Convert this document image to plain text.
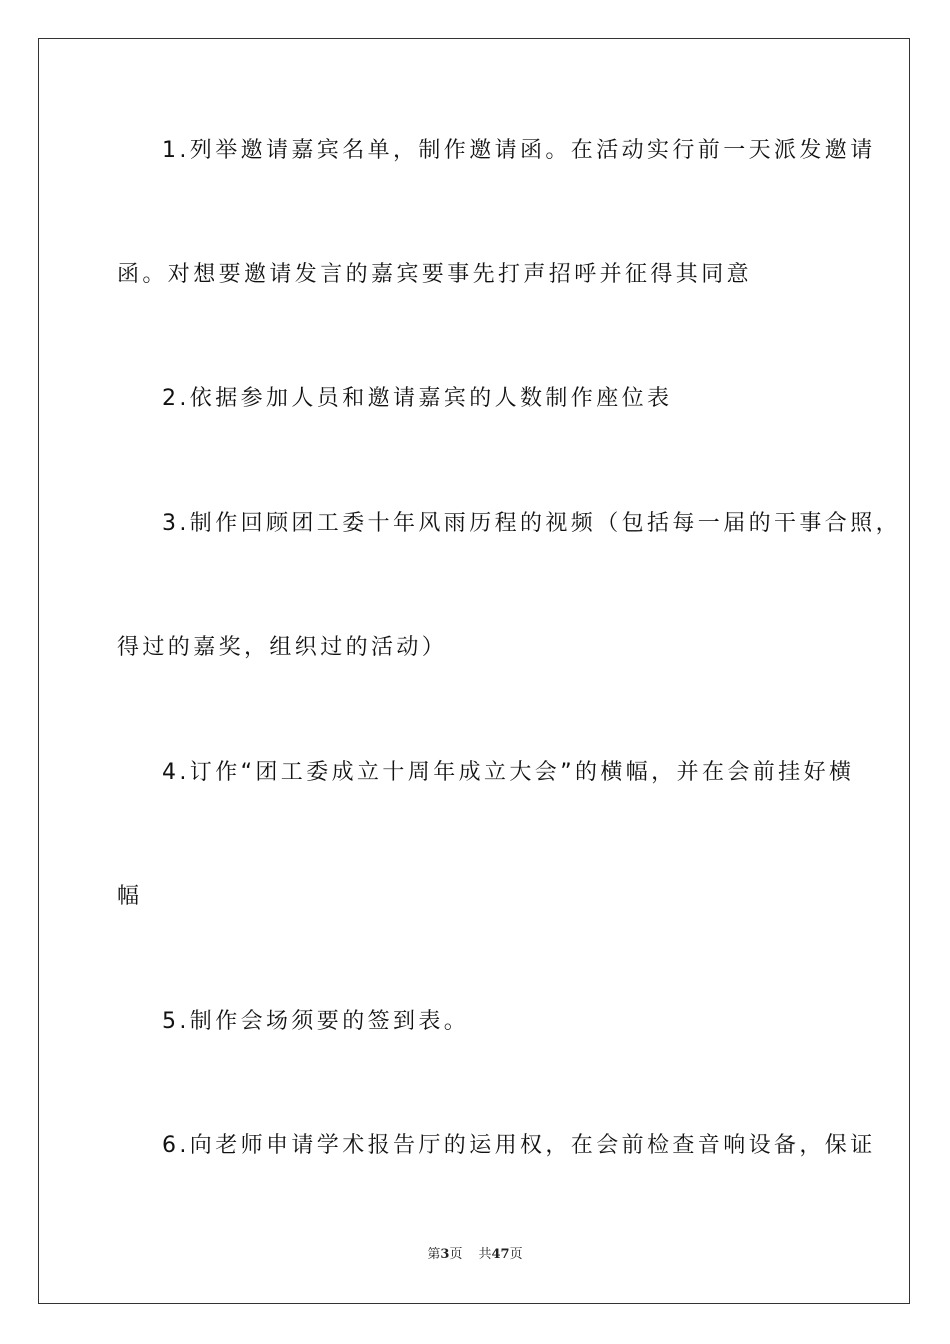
1.列举邀请嘉宾名单，制作邀请函。在活动实行前一天派发邀请
函。对想要邀请发言的嘉宾要事先打声招呼并征得其同意
2.依据参加人员和邀请嘉宾的人数制作座位表
3.制作回顾团工委十年风雨历程的视频（包括每一届的干事合照，
得过的嘉奖，组织过的活动）
4.订作“团工委成立十周年成立大会”的横幅，并在会前挂好横
幅
5.制作会场须要的签到表。
6.向老师申请学术报告厅的运用权，在会前检查音响设备，保证
第3页 共47页
